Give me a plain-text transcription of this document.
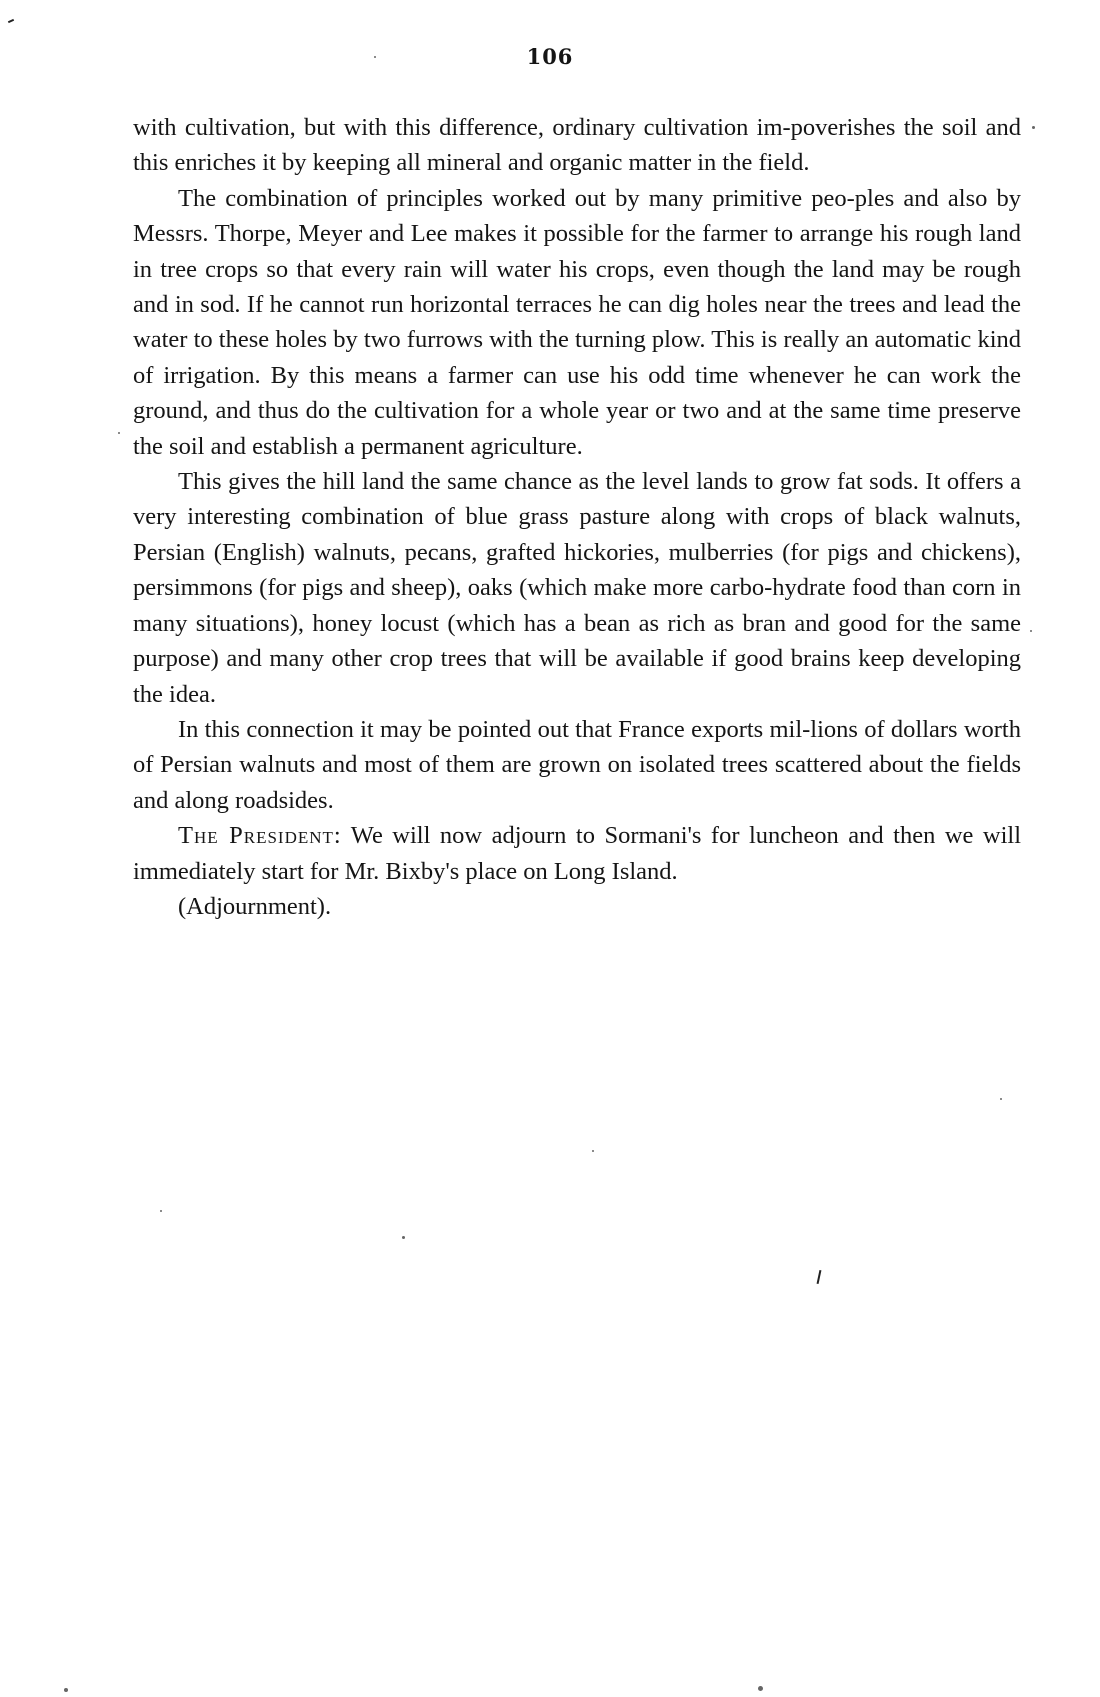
106

with cultivation, but with this difference, ordinary cultivation im-poverishes the soil and this enriches it by keeping all mineral and organic matter in the field.

The combination of principles worked out by many primitive peo-ples and also by Messrs. Thorpe, Meyer and Lee makes it possible for the farmer to arrange his rough land in tree crops so that every rain will water his crops, even though the land may be rough and in sod. If he cannot run horizontal terraces he can dig holes near the trees and lead the water to these holes by two furrows with the turning plow. This is really an automatic kind of irrigation. By this means a farmer can use his odd time whenever he can work the ground, and thus do the cultivation for a whole year or two and at the same time preserve the soil and establish a permanent agriculture.

This gives the hill land the same chance as the level lands to grow fat sods. It offers a very interesting combination of blue grass pasture along with crops of black walnuts, Persian (English) walnuts, pecans, grafted hickories, mulberries (for pigs and chickens), persimmons (for pigs and sheep), oaks (which make more carbo-hydrate food than corn in many situations), honey locust (which has a bean as rich as bran and good for the same purpose) and many other crop trees that will be available if good brains keep developing the idea.

In this connection it may be pointed out that France exports mil-lions of dollars worth of Persian walnuts and most of them are grown on isolated trees scattered about the fields and along roadsides.

The President: We will now adjourn to Sormani's for luncheon and then we will immediately start for Mr. Bixby's place on Long Island.

(Adjournment).
